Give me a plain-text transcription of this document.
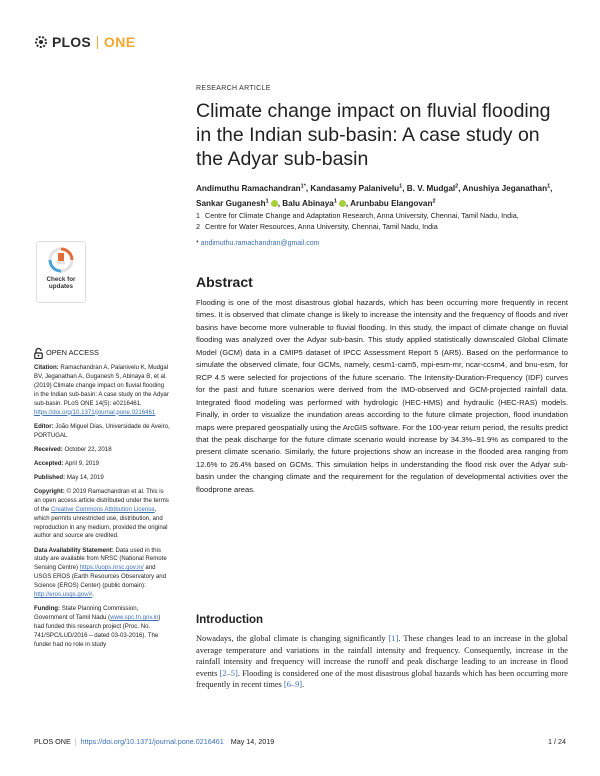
PLOS ONE
RESEARCH ARTICLE
Climate change impact on fluvial flooding in the Indian sub-basin: A case study on the Adyar sub-basin
Andimuthu Ramachandran$^{1*}$, Kandasamy Palanivelu$^1$, B. V. Mudgal$^2$, Anushiya Jeganathan$^1$, Sankar Guganesh$^1$ , Balu Abinaya$^1$ , Arunbabu Elangovan$^2$
1 Centre for Climate Change and Adaptation Research, Anna University, Chennai, Tamil Nadu, India,
2 Centre for Water Resources, Anna University, Chennai, Tamil Nadu, India
* andimuthu.ramachandran@gmail.com
Abstract

Flooding is one of the most disastrous global hazards, which has been occurring more frequently in recent times. It is observed that climate change is likely to increase the intensity and the frequency of floods and river basins have become more vulnerable to fluvial flooding. In this study, the impact of climate change on fluvial flooding was analyzed over the Adyar sub-basin. This study applied statistically downscaled Global Climate Model (GCM) data in a CMIP5 dataset of IPCC Assessment Report 5 (AR5). Based on the performance to simulate the observed climate, four GCMs, namely, cesm1-cam5, mpi-esm-mr, ncar-ccsm4, and bnu-esm, for RCP 4.5 were selected for projections of the future scenario. The Intensity-Duration-Frequency (IDF) curves for the past and future scenarios were derived from the IMD-observed and GCM-projected rainfall data. Integrated flood modeling was performed with hydrologic (HEC-HMS) and hydraulic (HEC-RAS) models. Finally, in order to visualize the inundation areas according to the future climate projection, flood inundation maps were prepared geospatially using the ArcGIS software. For the 100-year return period, the results predict that the peak discharge for the future climate scenario would increase by 34.3%–91.9% as compared to the present climate scenario. Similarly, the future projections show an increase in the flooded area ranging from 12.6% to 26.4% based on GCMs. This simulation helps in understanding the flood risk over the Adyar sub-basin under the changing climate and the requirement for the regulation of developmental activities over the floodprone areas.

Introduction

Nowadays, the global climate is changing significantly [1]. These changes lead to an increase in the global average temperature and variations in the rainfall intensity and frequency. Consequently, increase in the rainfall intensity and frequency will increase the runoff and peak discharge leading to an increase in flood events [2–5]. Flooding is considered one of the most disastrous global hazards which has been occurring more frequently in recent times [6–9].

Check for
updates
OPEN ACCESS
Citation: Ramachandran A, Palanivelu K, Mudgal BV, Jeganathan A, Guganesh S, Abinaya B, et al. (2019) Climate change impact on fluvial flooding in the Indian sub-basin: A case study on the Adyar sub-basin. PLoS ONE 14(5): e0216461. https://doi.org/10.1371/journal.pone.0216461
Editor: João Miguel Dias, Universidade de Aveiro, PORTUGAL
Received: October 22, 2018
Accepted: April 9, 2019
Published: May 14, 2019
Copyright: © 2019 Ramachandran et al. This is an open access article distributed under the terms of the Creative Commons Attribution License, which permits unrestricted use, distribution, and reproduction in any medium, provided the original author and source are credited.
Data Availability Statement: Data used in this study are available from NRSC (National Remote Sensing Centre) https://uops.nrsc.gov.in/ and USGS EROS (Earth Resources Observatory and Science (EROS) Center) (public domain): http://eros.usgs.gov/#.
Funding: State Planning Commission, Government of Tamil Nadu (www.spc.tn.gov.in) had funded this research project (Proc. No. 741/SPC/LUD/2016 – dated 03-03-2016). The funder had no role in study
PLOS ONE | https://doi.org/10.1371/journal.pone.0216461 May 14, 2019	1 / 24
